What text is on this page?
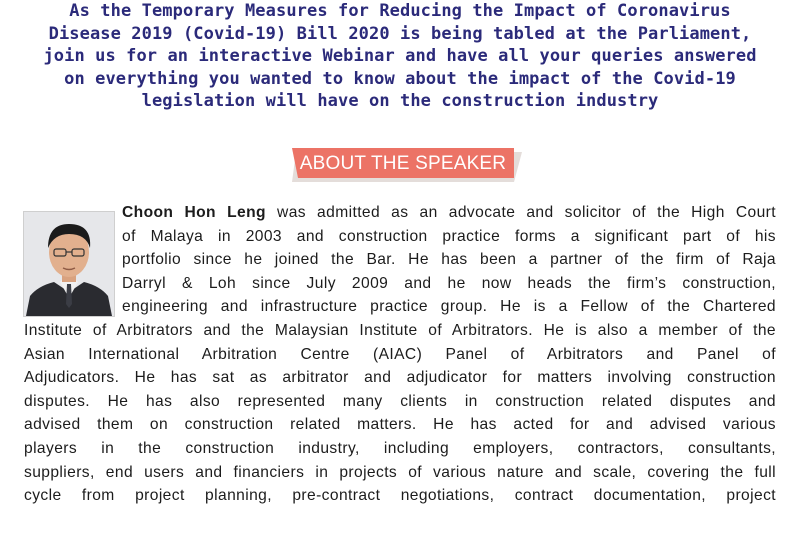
As the Temporary Measures for Reducing the Impact of Coronavirus
Disease 2019 (Covid-19) Bill 2020 is being tabled at the Parliament,
join us for an interactive Webinar and have all your queries answered
on everything you wanted to know about the impact of the Covid-19
legislation will have on the construction industry
ABOUT THE SPEAKER
Choon Hon Leng was admitted as an advocate and solicitor of the High Court
of Malaya in 2003 and construction practice forms a significant part of his
portfolio since he joined the Bar. He has been a partner of the firm of Raja
Darryl & Loh since July 2009 and he now heads the firm’s construction,
engineering and infrastructure practice group. He is a Fellow of the Chartered
Institute of Arbitrators and the Malaysian Institute of Arbitrators. He is also a member of the
Asian International Arbitration Centre (AIAC) Panel of Arbitrators and Panel of
Adjudicators. He has sat as arbitrator and adjudicator for matters involving construction
disputes. He has also represented many clients in construction related disputes and
advised them on construction related matters. He has acted for and advised various
players in the construction industry, including employers, contractors, consultants,
suppliers, end users and financiers in projects of various nature and scale, covering the full
cycle from project planning, pre-contract negotiations, contract documentation, project
